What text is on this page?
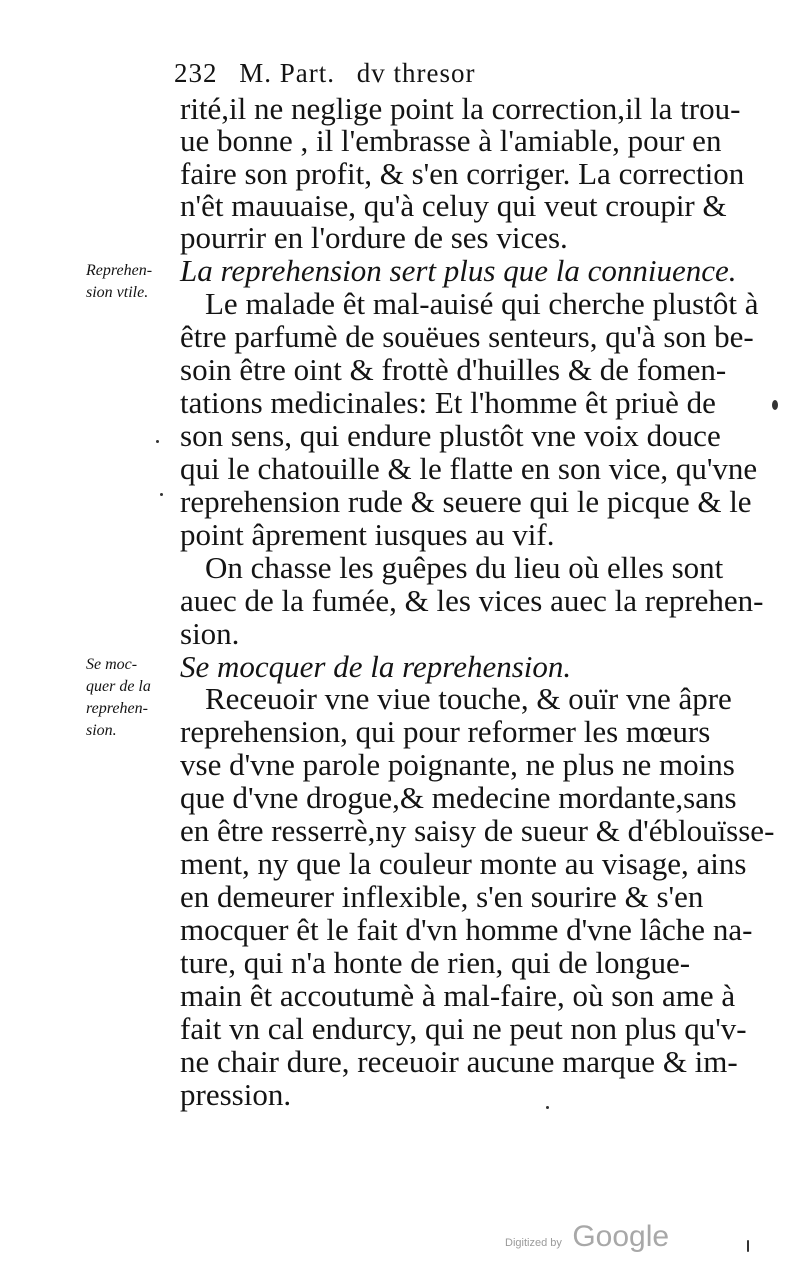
232 M. Part. dv thresor
rité,il ne neglige point la correction,il la trou-
ue bonne , il l'embrasse à l'amiable, pour en
faire son profit, & s'en corriger. La correction
n'êt mauuaise, qu'à celuy qui veut croupir &
pourrir en l'ordure de ses vices.
Reprehen-
sion vtile.
La reprehension sert plus que la conniuence.
Le malade êt mal-auisé qui cherche plustôt à
être parfumè de souëues senteurs, qu'à son be-
soin être oint & frottè d'huilles & de fomen-
tations medicinales: Et l'homme êt priuè de
son sens, qui endure plustôt vne voix douce
qui le chatouille & le flatte en son vice, qu'vne
reprehension rude & seuere qui le picque & le
point âprement iusques au vif.
On chasse les guêpes du lieu où elles sont
auec de la fumée, & les vices auec la reprehen-
sion.
Se moc-
quer de la
reprehen-
sion.
Se mocquer de la reprehension.
Receuoir vne viue touche, & ouïr vne âpre
reprehension, qui pour reformer les mœurs
vse d'vne parole poignante, ne plus ne moins
que d'vne drogue,& medecine mordante,sans
en être resserrè,ny saisy de sueur & d'éblouïsse-
ment, ny que la couleur monte au visage, ains
en demeurer inflexible, s'en sourire & s'en
mocquer êt le fait d'vn homme d'vne lâche na-
ture, qui n'a honte de rien, qui de longue-
main êt accoutumè à mal-faire, où son ame à
fait vn cal endurcy, qui ne peut non plus qu'v-
ne chair dure, receuoir aucune marque & im-
pression.
Digitized by Google
